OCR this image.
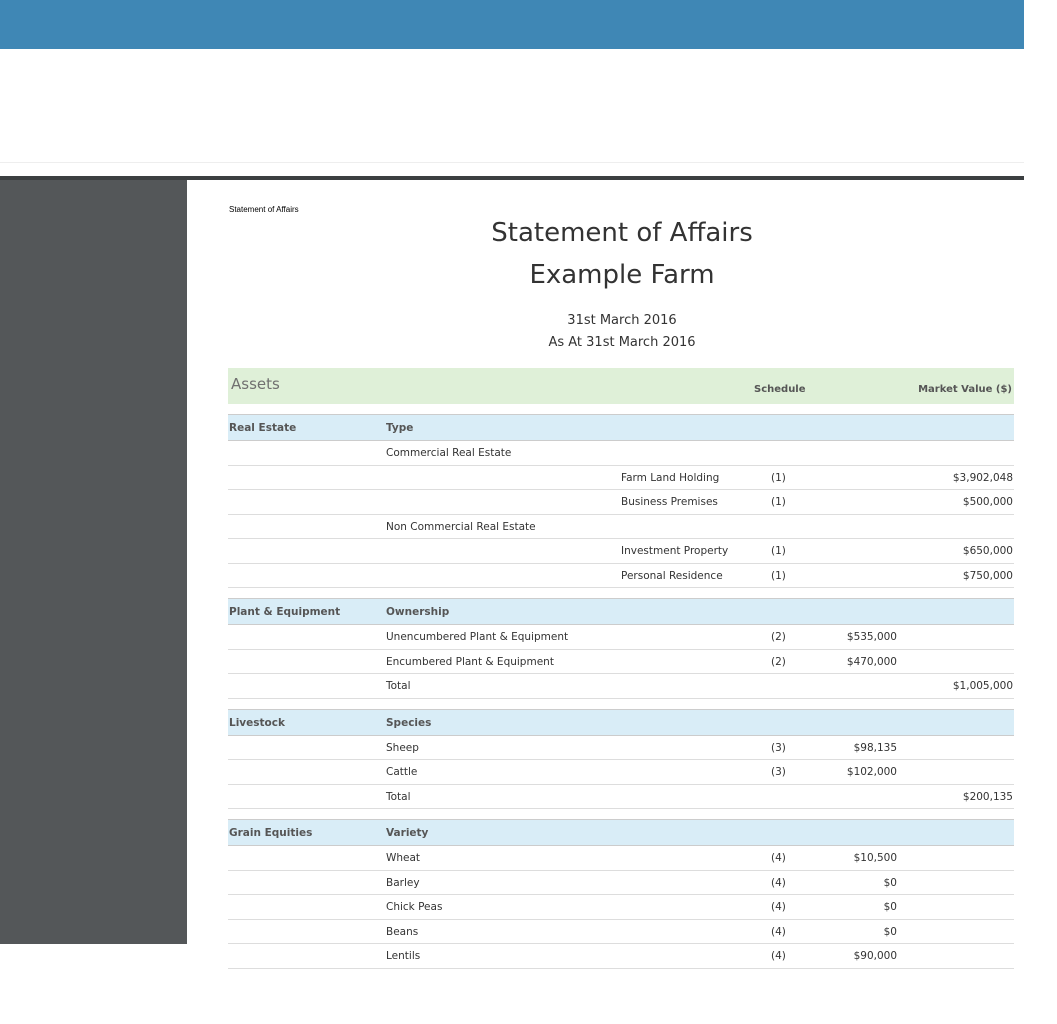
Statement of Affairs
Statement of Affairs
Example Farm
31st March 2016
As At 31st March 2016
Assets	Schedule	Market Value ($)
Real Estate	Type
Commercial Real Estate
Farm Land Holding	(1)	$3,902,048
Business Premises	(1)	$500,000
Non Commercial Real Estate
Investment Property	(1)	$650,000
Personal Residence	(1)	$750,000
Plant & Equipment	Ownership
Unencumbered Plant & Equipment	(2)	$535,000
Encumbered Plant & Equipment	(2)	$470,000
Total	$1,005,000
Livestock	Species
Sheep	(3)	$98,135
Cattle	(3)	$102,000
Total	$200,135
Grain Equities	Variety
Wheat	(4)	$10,500
Barley	(4)	$0
Chick Peas	(4)	$0
Beans	(4)	$0
Lentils	(4)	$90,000
